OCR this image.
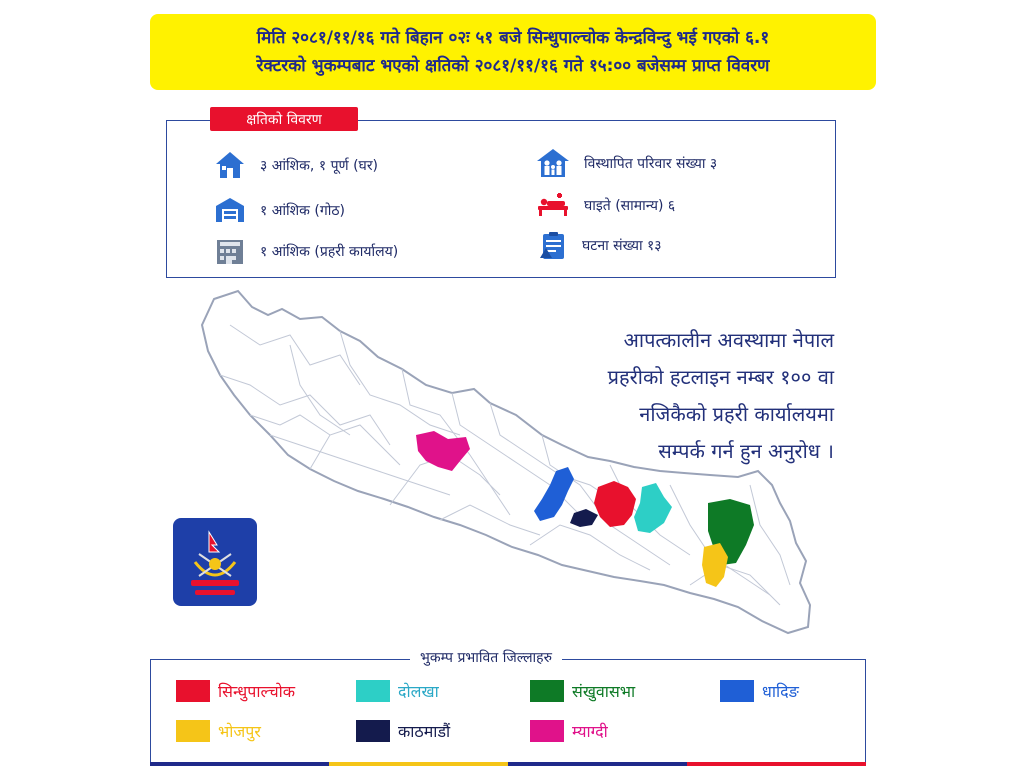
मिति २०८१/११/१६ गते बिहान ०२ः ५१ बजे सिन्धुपाल्चोक केन्द्रविन्दु भई गएको ६.१
रेक्टरको भुकम्पबाट भएको क्षतिको २०८१/११/१६ गते १५:०० बजेसम्म प्राप्त विवरण
क्षतिको विवरण
३ आंशिक, १ पूर्ण (घर)
१ आंशिक (गोठ)
१ आंशिक (प्रहरी कार्यालय)
विस्थापित परिवार संख्या ३
घाइते (सामान्य) ६
घटना संख्या १३
आपत्कालीन अवस्थामा नेपाल
प्रहरीको हटलाइन नम्बर १०० वा
नजिकैको प्रहरी कार्यालयमा
सम्पर्क गर्न हुन अनुरोध ।
भुकम्प प्रभावित जिल्लाहरु
सिन्धुपाल्चोक	दोलखा	संखुवासभा	धादिङ
भोजपुर	काठमाडौं	म्याग्दी
